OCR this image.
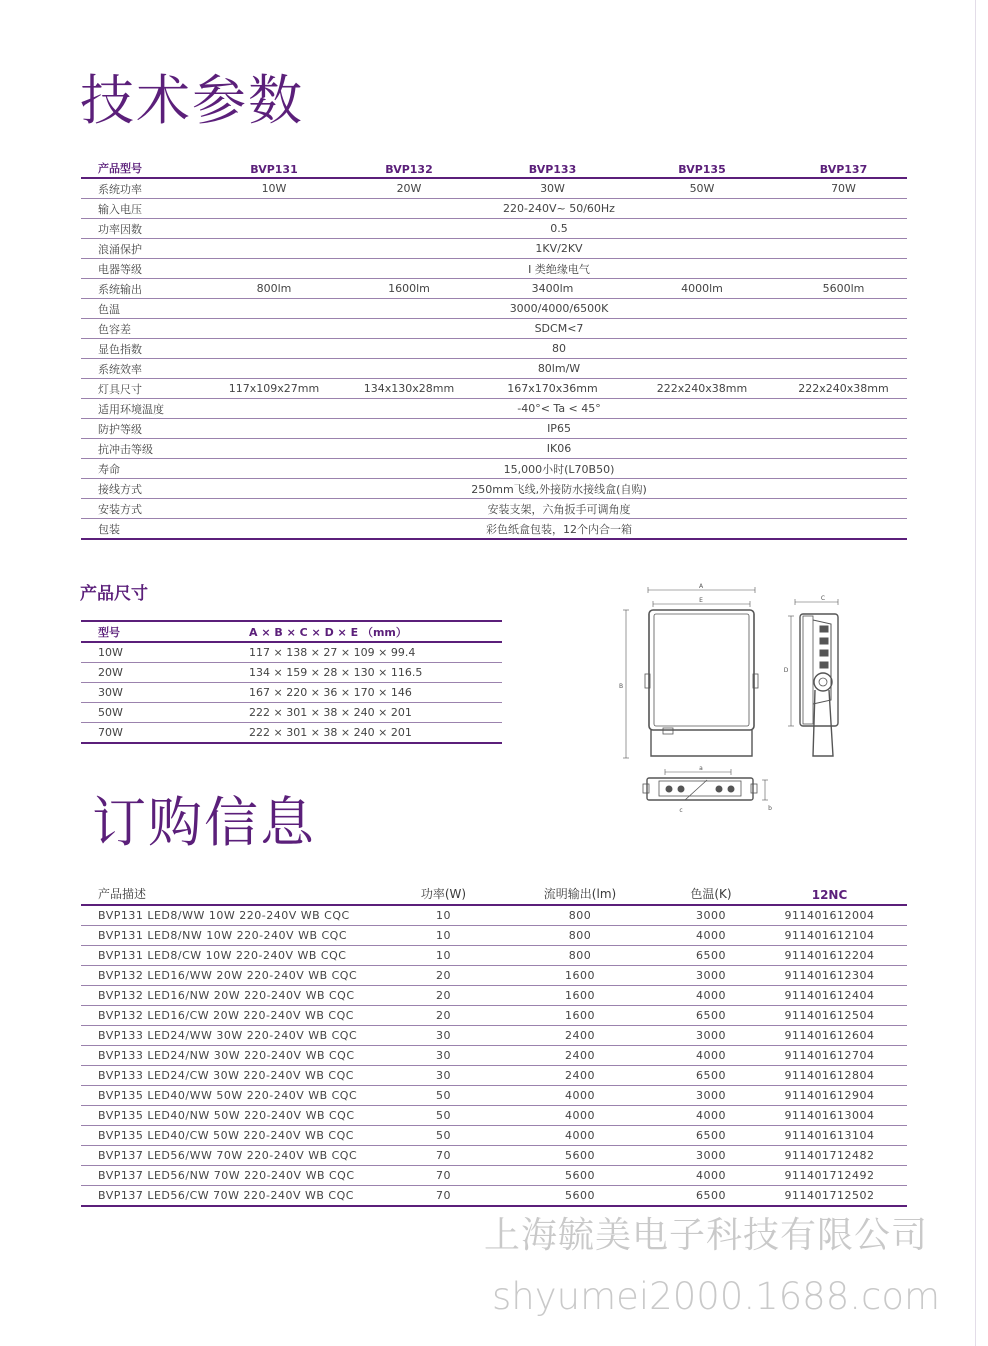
技术参数
产品型号	BVP131	BVP132	BVP133	BVP135	BVP137
系统功率	10W	20W	30W	50W	70W
输入电压	220-240V~ 50/60Hz				
功率因数	0.5				
浪涌保护	1KV/2KV				
电器等级	I 类绝缘电气				
系统输出	800lm	1600lm	3400lm	4000lm	5600lm
色温	3000/4000/6500K				
色容差	SDCM<7				
显色指数	80				
系统效率	80lm/W				
灯具尺寸	117x109x27mm	134x130x28mm	167x170x36mm	222x240x38mm	222x240x38mm
适用环境温度	-40°< Ta < 45°				
防护等级	IP65				
抗冲击等级	IK06				
寿命	15,000小时(L70B50)				
接线方式	250mm飞线,外接防水接线盒(自购)				
安装方式	安装支架，六角扳手可调角度				
包装	彩色纸盒包装，12个内合一箱				
产品尺寸
型号	A × B × C × D × E （mm）
10W	117 × 138 × 27 × 109 × 99.4
20W	134 × 159 × 28 × 130 × 116.5
30W	167 × 220 × 36 × 170 × 146
50W	222 × 301 × 38 × 240 × 201
70W	222 × 301 × 38 × 240 × 201
A
E
B
C
D
a
b
c
订购信息
产品描述	功率(W)	流明输出(lm)	色温(K)	12NC
BVP131 LED8/WW 10W 220-240V WB CQC	10	800	3000	911401612004
BVP131 LED8/NW 10W 220-240V WB CQC	10	800	4000	911401612104
BVP131 LED8/CW 10W 220-240V WB CQC	10	800	6500	911401612204
BVP132 LED16/WW 20W 220-240V WB CQC	20	1600	3000	911401612304
BVP132 LED16/NW 20W 220-240V WB CQC	20	1600	4000	911401612404
BVP132 LED16/CW 20W 220-240V WB CQC	20	1600	6500	911401612504
BVP133 LED24/WW 30W 220-240V WB CQC	30	2400	3000	911401612604
BVP133 LED24/NW 30W 220-240V WB CQC	30	2400	4000	911401612704
BVP133 LED24/CW 30W 220-240V WB CQC	30	2400	6500	911401612804
BVP135 LED40/WW 50W 220-240V WB CQC	50	4000	3000	911401612904
BVP135 LED40/NW 50W 220-240V WB CQC	50	4000	4000	911401613004
BVP135 LED40/CW 50W 220-240V WB CQC	50	4000	6500	911401613104
BVP137 LED56/WW 70W 220-240V WB CQC	70	5600	3000	911401712482
BVP137 LED56/NW 70W 220-240V WB CQC	70	5600	4000	911401712492
BVP137 LED56/CW 70W 220-240V WB CQC	70	5600	6500	911401712502
上海毓美电子科技有限公司
shyumei2000.1688.com
